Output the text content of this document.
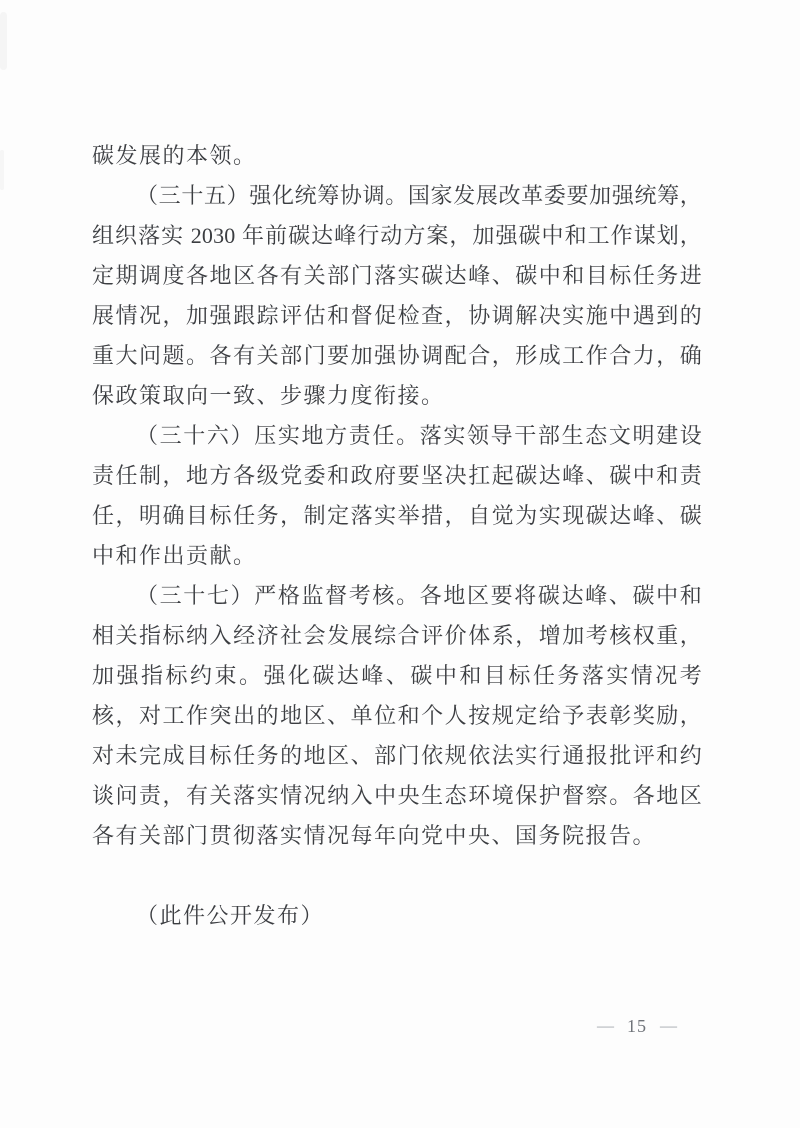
碳发展的本领。
（三十五）强化统筹协调。国家发展改革委要加强统筹，
组织落实 2030 年前碳达峰行动方案，加强碳中和工作谋划，
定期调度各地区各有关部门落实碳达峰、碳中和目标任务进
展情况，加强跟踪评估和督促检查，协调解决实施中遇到的
重大问题。各有关部门要加强协调配合，形成工作合力，确
保政策取向一致、步骤力度衔接。
（三十六）压实地方责任。落实领导干部生态文明建设
责任制，地方各级党委和政府要坚决扛起碳达峰、碳中和责
任，明确目标任务，制定落实举措，自觉为实现碳达峰、碳
中和作出贡献。
（三十七）严格监督考核。各地区要将碳达峰、碳中和
相关指标纳入经济社会发展综合评价体系，增加考核权重，
加强指标约束。强化碳达峰、碳中和目标任务落实情况考
核，对工作突出的地区、单位和个人按规定给予表彰奖励，
对未完成目标任务的地区、部门依规依法实行通报批评和约
谈问责，有关落实情况纳入中央生态环境保护督察。各地区
各有关部门贯彻落实情况每年向党中央、国务院报告。
（此件公开发布）
— 15 —
